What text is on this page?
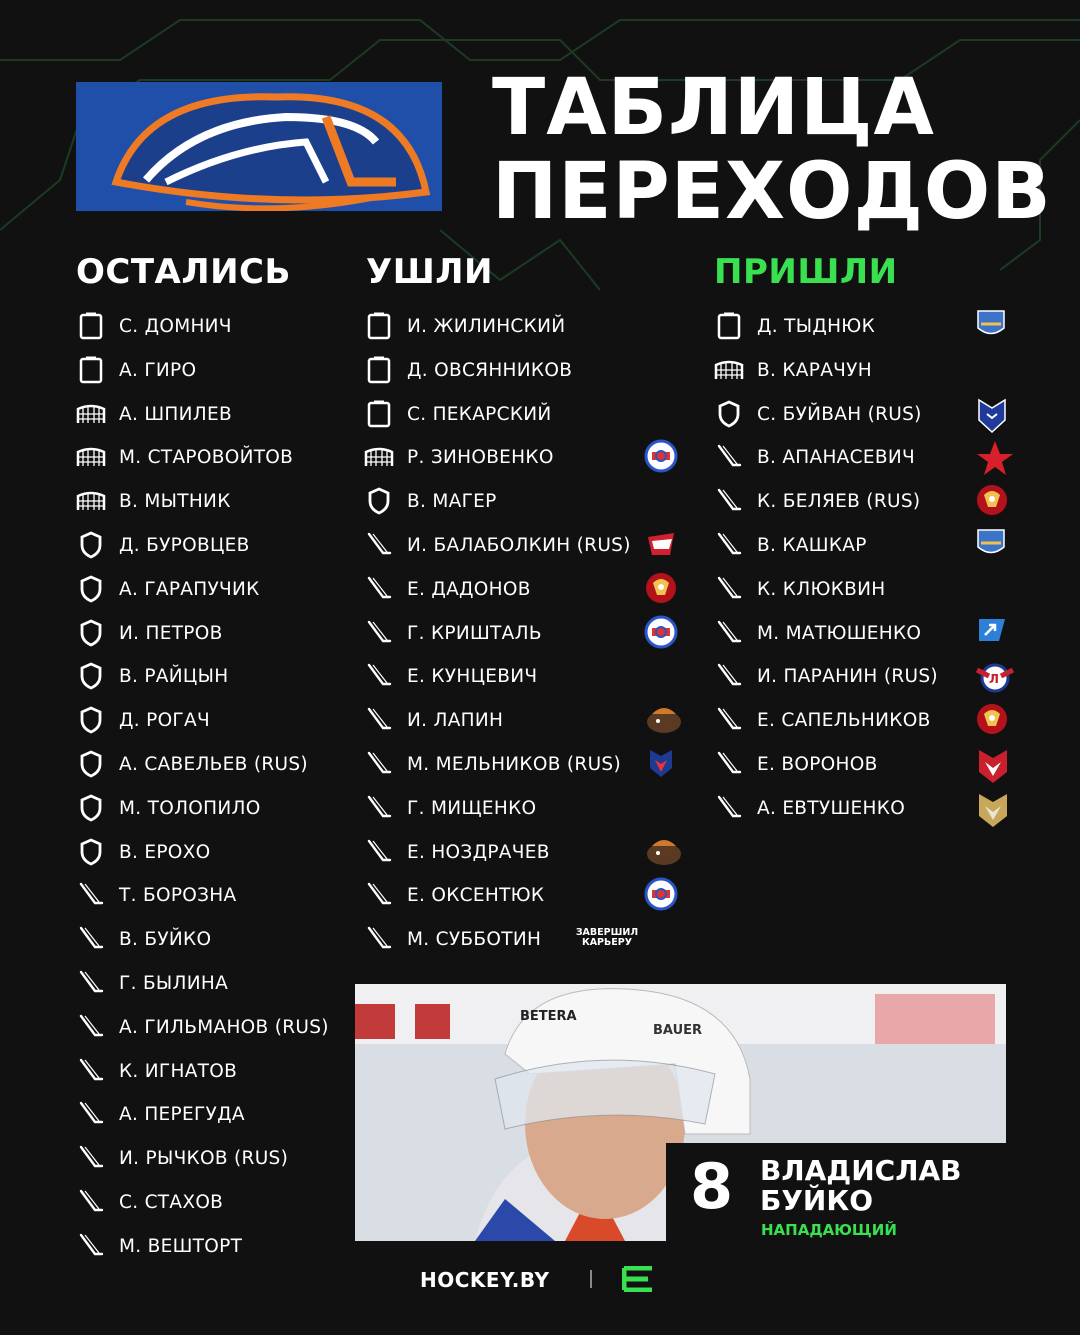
ТАБЛИЦА
ПЕРЕХОДОВ
ОСТАЛИСЬ УШЛИ	ПРИШЛИ
С. ДОМНИЧ
А. ГИРО
А. ШПИЛЕВ
М. СТАРОВОЙТОВ
В. МЫТНИК
Д. БУРОВЦЕВ
А. ГАРАПУЧИК
И. ПЕТРОВ
В. РАЙЦЫН
Д. РОГАЧ
А. САВЕЛЬЕВ (RUS)
М. ТОЛОПИЛО
В. ЕРОХО
Т. БОРОЗНА
В. БУЙКО
Г. БЫЛИНА
А. ГИЛЬМАНОВ (RUS)
К. ИГНАТОВ
А. ПЕРЕГУДА
И. РЫЧКОВ (RUS)
С. СТАХОВ
М. ВЕШТОРТ
И. ЖИЛИНСКИЙ
Д. ОВСЯННИКОВ
С. ПЕКАРСКИЙ
Р. ЗИНОВЕНКО
В. МАГЕР
И. БАЛАБОЛКИН (RUS)
Е. ДАДОНОВ
Г. КРИШТАЛЬ
Е. КУНЦЕВИЧ
И. ЛАПИН
М. МЕЛЬНИКОВ (RUS)
Г. МИЩЕНКО
Е. НОЗДРАЧЕВ
Е. ОКСЕНТЮК
М. СУББОТИН	ЗАВЕРШИЛ КАРЬЕРУ
Д. ТЫДНЮК
В. КАРАЧУН
С. БУЙВАН (RUS)
В. АПАНАСЕВИЧ
К. БЕЛЯЕВ (RUS)
В. КАШКАР
К. КЛЮКВИН
М. МАТЮШЕНКО
И. ПАРАНИН (RUS)	Л
Е. САПЕЛЬНИКОВ
Е. ВОРОНОВ
А. ЕВТУШЕНКО
BAUER
BETERA
8 ВЛАДИСЛАВ
БУЙКО
НАПАДАЮЩИЙ
HOCKEY.BY
